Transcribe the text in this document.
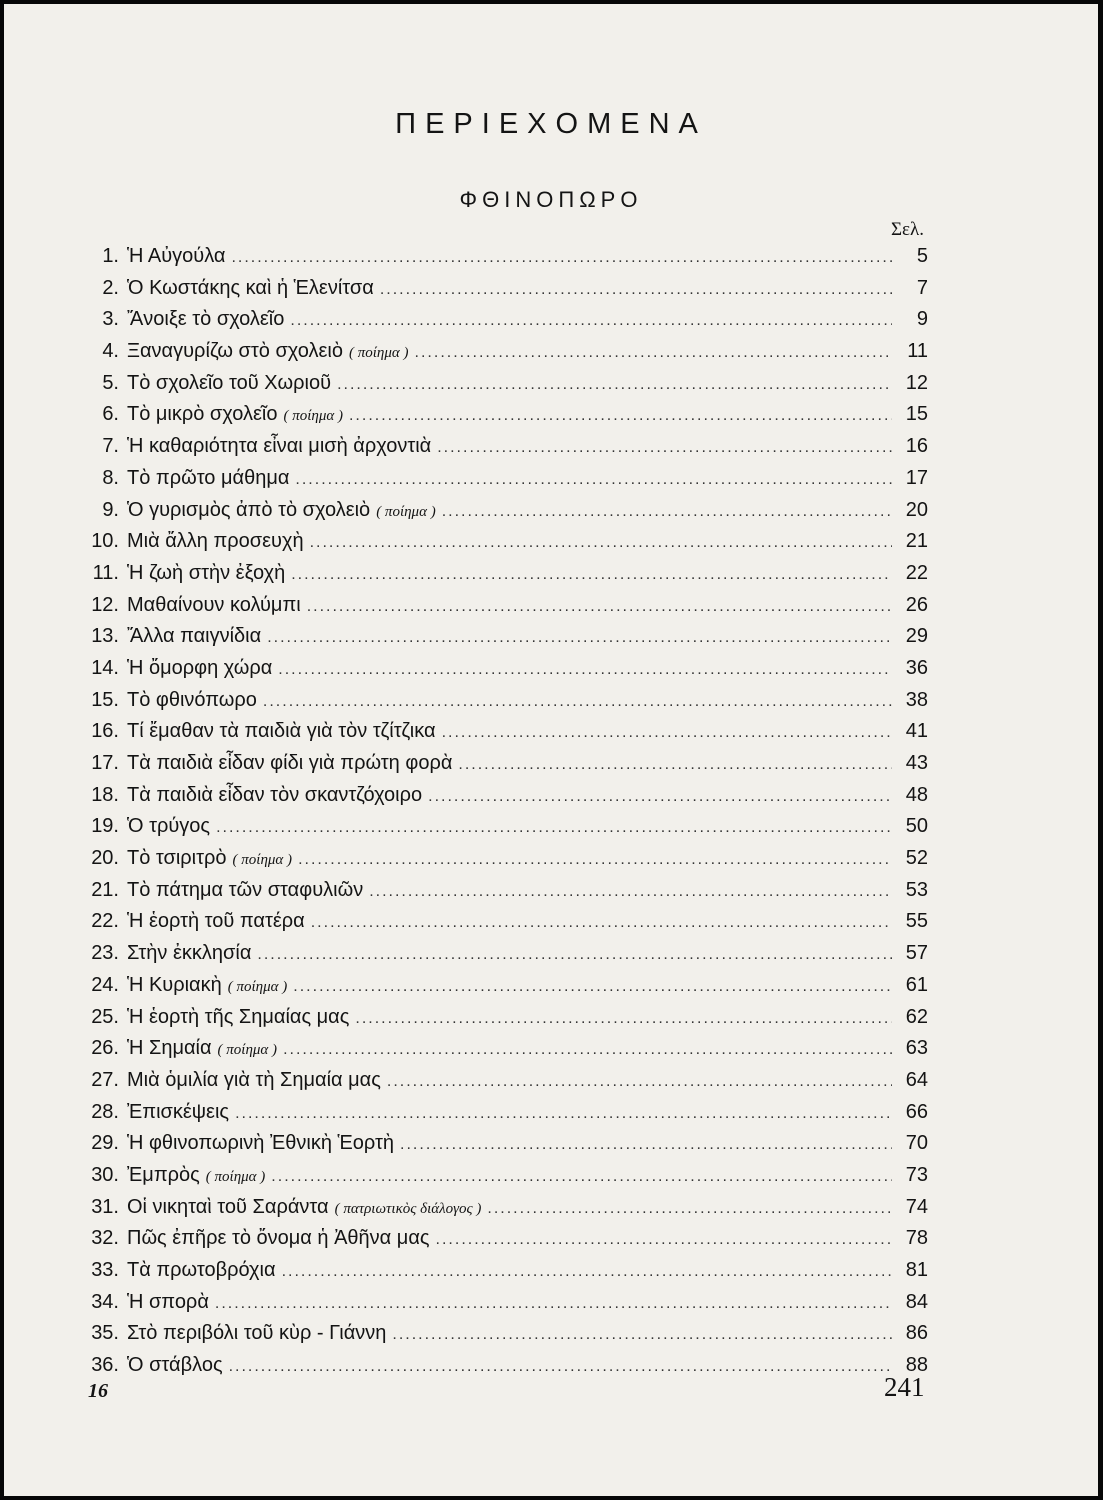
ΠΕΡΙΕΧΟΜΕΝΑ
ΦΘΙΝΟΠΩΡΟ
Σελ.
1. Ἡ Αὐγούλα .....	5
2. Ὁ Κωστάκης καὶ ἡ Ἑλενίτσα .....	7
3. Ἄνοιξε τὸ σχολεῖο .....	9
4. Ξαναγυρίζω στὸ σχολειὸ ( ποίημα ) .....	11
5. Τὸ σχολεῖο τοῦ Χωριοῦ .....	12
6. Τὸ μικρὸ σχολεῖο ( ποίημα ) .....	15
7. Ἡ καθαριότητα εἶναι μισὴ ἀρχοντιὰ .....	16
8. Τὸ πρῶτο μάθημα .....	17
9. Ὁ γυρισμὸς ἀπὸ τὸ σχολειὸ ( ποίημα ) .....	20
10. Μιὰ ἄλλη προσευχὴ .....	21
11. Ἡ ζωὴ στὴν ἐξοχὴ .....	22
12. Μαθαίνουν κολύμπι .....	26
13. Ἄλλα παιγνίδια .....	29
14. Ἡ ὄμορφη χώρα .....	36
15. Τὸ φθινόπωρο .....	38
16. Τί ἔμαθαν τὰ παιδιὰ γιὰ τὸν τζίτζικα .....	41
17. Τὰ παιδιὰ εἶδαν φίδι γιὰ πρώτη φορὰ .....	43
18. Τὰ παιδιὰ εἶδαν τὸν σκαντζόχοιρο .....	48
19. Ὁ τρύγος .....	50
20. Τὸ τσιριτρὸ ( ποίημα ) .....	52
21. Τὸ πάτημα τῶν σταφυλιῶν .....	53
22. Ἡ ἑορτὴ τοῦ πατέρα .....	55
23. Στὴν ἐκκλησία .....	57
24. Ἡ Κυριακὴ ( ποίημα ) .....	61
25. Ἡ ἑορτὴ τῆς Σημαίας μας .....	62
26. Ἡ Σημαία ( ποίημα ) .....	63
27. Μιὰ ὁμιλία γιὰ τὴ Σημαία μας .....	64
28. Ἐπισκέψεις .....	66
29. Ἡ φθινοπωρινὴ Ἐθνικὴ Ἑορτὴ .....	70
30. Ἐμπρὸς ( ποίημα ) .....	73
31. Οἱ νικηταὶ τοῦ Σαράντα ( πατριωτικὸς διάλογος ) .....	74
32. Πῶς ἐπῆρε τὸ ὄνομα ἡ Ἀθῆνα μας .....	78
33. Τὰ πρωτοβρόχια .....	81
34. Ἡ σπορὰ .....	84
35. Στὸ περιβόλι τοῦ κὺρ - Γιάννη .....	86
36. Ὁ στάβλος .....	88
16	241
